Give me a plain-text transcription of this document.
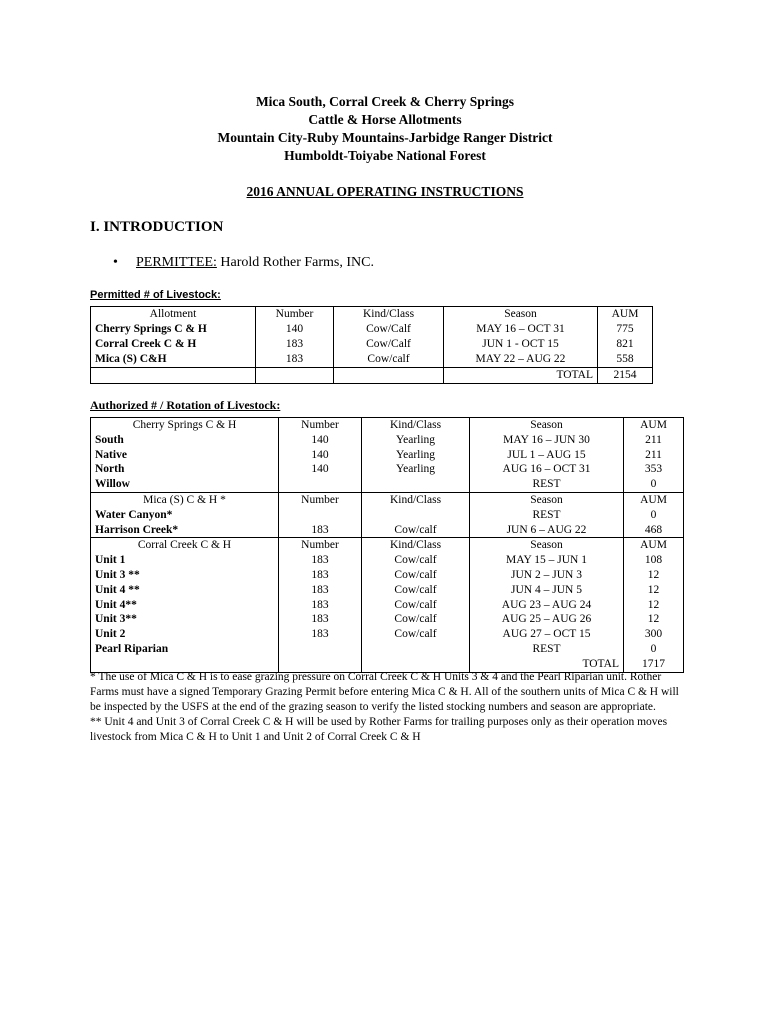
Mica South, Corral Creek & Cherry Springs
Cattle & Horse Allotments
Mountain City-Ruby Mountains-Jarbidge Ranger District
Humboldt-Toiyabe National Forest
2016 ANNUAL OPERATING INSTRUCTIONS
I. INTRODUCTION
• PERMITTEE: Harold Rother Farms, INC.
Permitted # of Livestock:
Allotment	Number	Kind/Class	Season	AUM
Cherry Springs C & H	140	Cow/Calf	MAY 16 – OCT 31	775
Corral Creek C & H	183	Cow/Calf	JUN 1 - OCT 15	821
Mica (S) C&H	183	Cow/calf	MAY 22 – AUG 22	558
			TOTAL	2154
Authorized # / Rotation of Livestock:
Cherry Springs C & H	Number	Kind/Class	Season	AUM
South	140	Yearling	MAY 16 – JUN 30	211
Native	140	Yearling	JUL 1 – AUG 15	211
North	140	Yearling	AUG 16 – OCT 31	353
Willow			REST	0
Mica (S) C & H *	Number	Kind/Class	Season	AUM
Water Canyon*			REST	0
Harrison Creek*	183	Cow/calf	JUN 6 – AUG 22	468
Corral Creek C & H	Number	Kind/Class	Season	AUM
Unit 1	183	Cow/calf	MAY 15 – JUN 1	108
Unit 3 **	183	Cow/calf	JUN 2 – JUN 3	12
Unit 4 **	183	Cow/calf	JUN 4 – JUN 5	12
Unit 4**	183	Cow/calf	AUG 23 – AUG 24	12
Unit 3**	183	Cow/calf	AUG 25 – AUG 26	12
Unit 2	183	Cow/calf	AUG 27 – OCT 15	300
Pearl Riparian			REST	0
			TOTAL	1717
* The use of Mica C & H is to ease grazing pressure on Corral Creek C & H Units 3 & 4 and the Pearl Riparian unit. Rother Farms must have a signed Temporary Grazing Permit before entering Mica C & H. All of the southern units of Mica C & H will be inspected by the USFS at the end of the grazing season to verify the listed stocking numbers and season are appropriate.
** Unit 4 and Unit 3 of Corral Creek C & H will be used by Rother Farms for trailing purposes only as their operation moves livestock from Mica C & H to Unit 1 and Unit 2 of Corral Creek C & H
